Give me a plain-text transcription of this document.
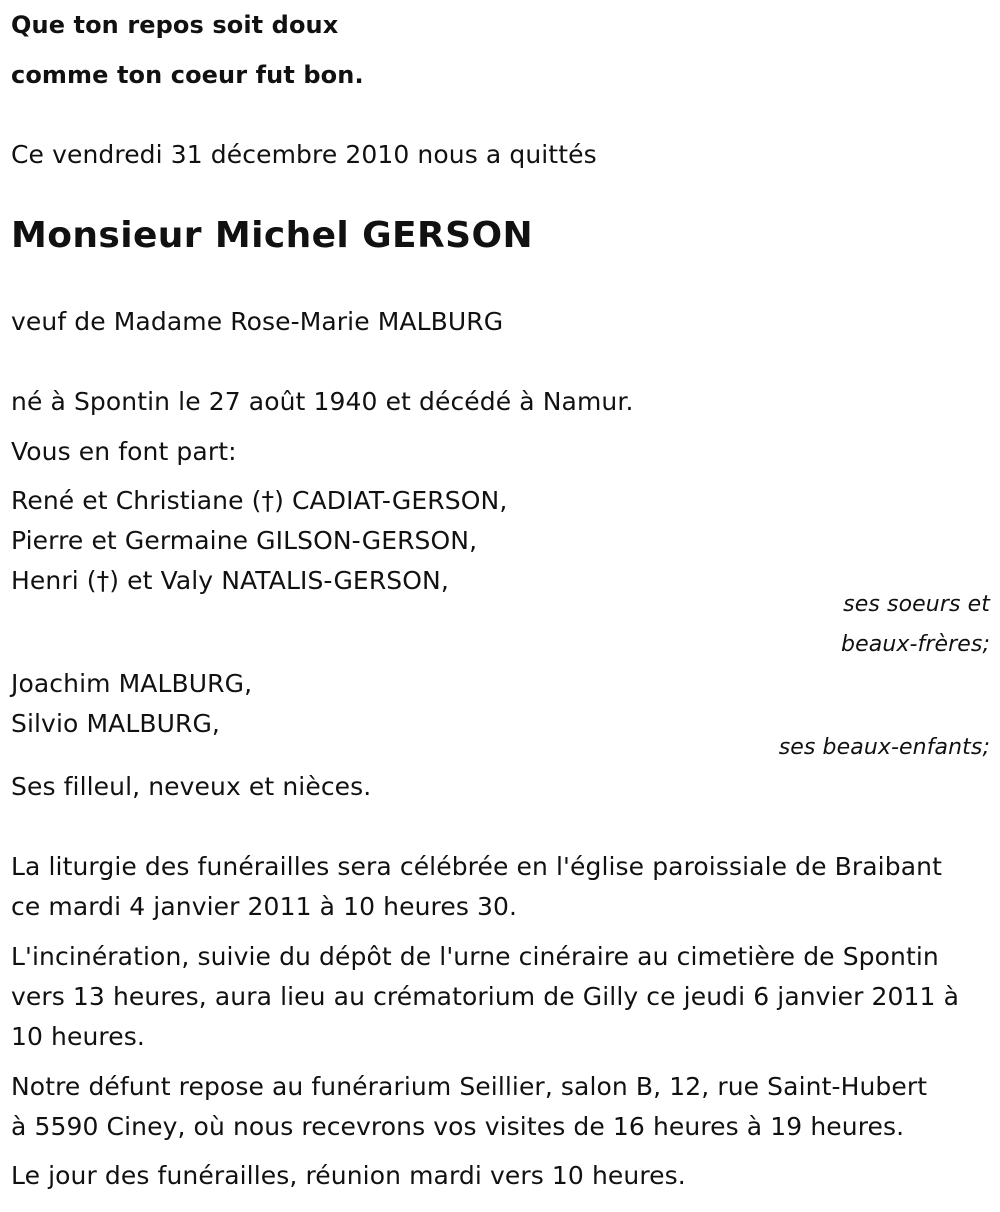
Que ton repos soit doux
comme ton coeur fut bon.
Ce vendredi 31 décembre 2010 nous a quittés
Monsieur Michel GERSON
veuf de Madame Rose-Marie MALBURG
né à Spontin le 27 août 1940 et décédé à Namur.
Vous en font part:
René et Christiane (†) CADIAT-GERSON,
Pierre et Germaine GILSON-GERSON,
Henri (†) et Valy NATALIS-GERSON,
ses soeurs et
beaux-frères;
Joachim MALBURG,
Silvio MALBURG,
ses beaux-enfants;
Ses filleul, neveux et nièces.
La liturgie des funérailles sera célébrée en l'église paroissiale de Braibant
ce mardi 4 janvier 2011 à 10 heures 30.
L'incinération, suivie du dépôt de l'urne cinéraire au cimetière de Spontin
vers 13 heures, aura lieu au crématorium de Gilly ce jeudi 6 janvier 2011 à
10 heures.
Notre défunt repose au funérarium Seillier, salon B, 12, rue Saint-Hubert
à 5590 Ciney, où nous recevrons vos visites de 16 heures à 19 heures.
Le jour des funérailles, réunion mardi vers 10 heures.
